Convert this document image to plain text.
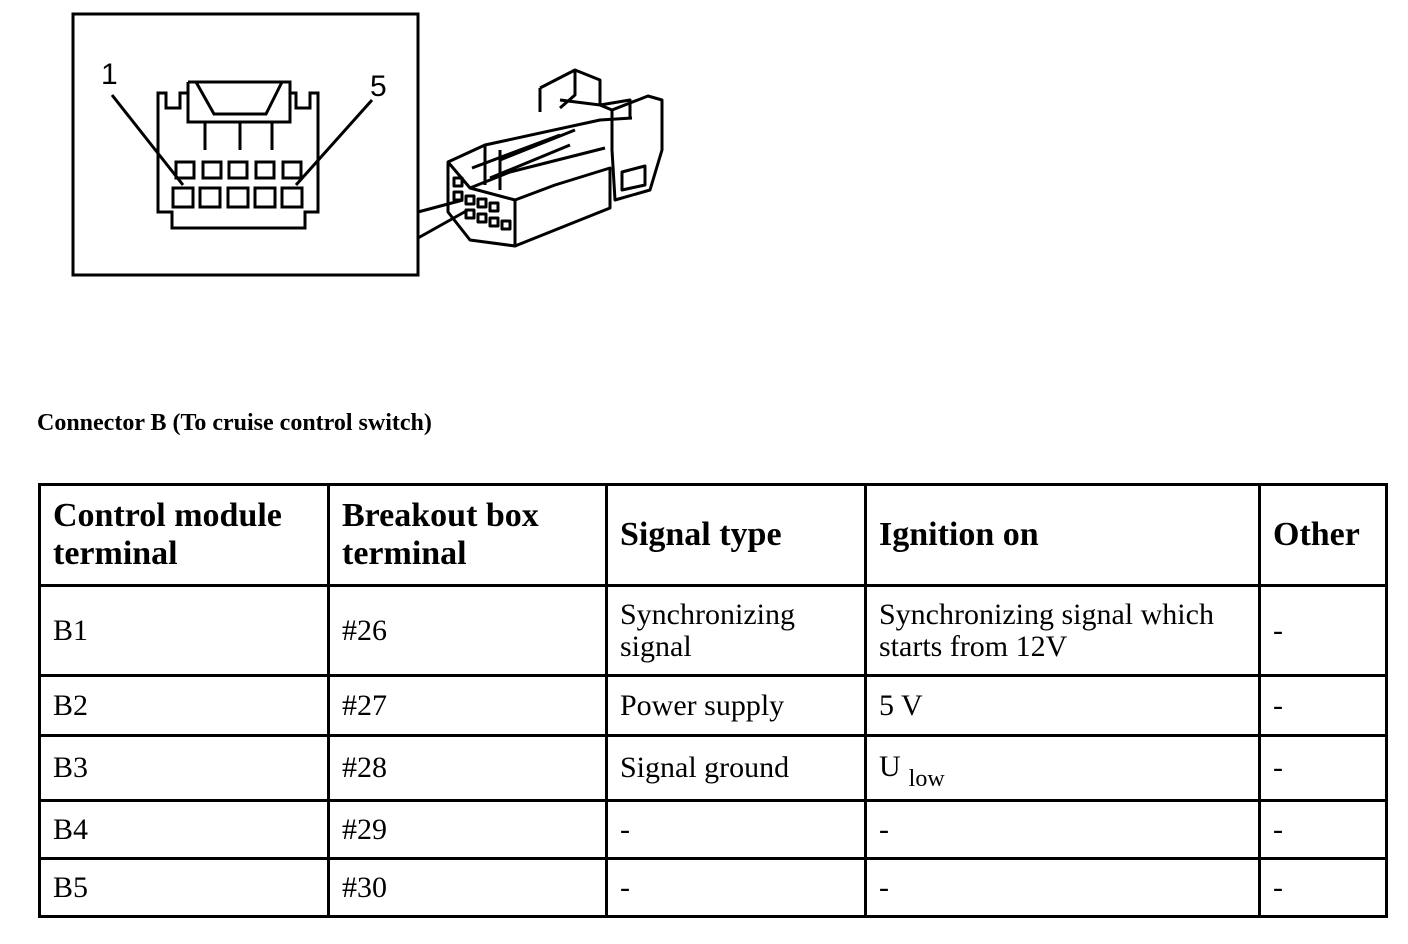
1	5
Connector B (To cruise control switch)
Control module terminal	Breakout box terminal	Signal type	Ignition on	Other
B1	#26	Synchronizing signal	Synchronizing signal which starts from 12V	-
B2	#27	Power supply	5 V	-
B3	#28	Signal ground	U $_{low}$	-
B4	#29	-	-	-
B5	#30	-	-	-
